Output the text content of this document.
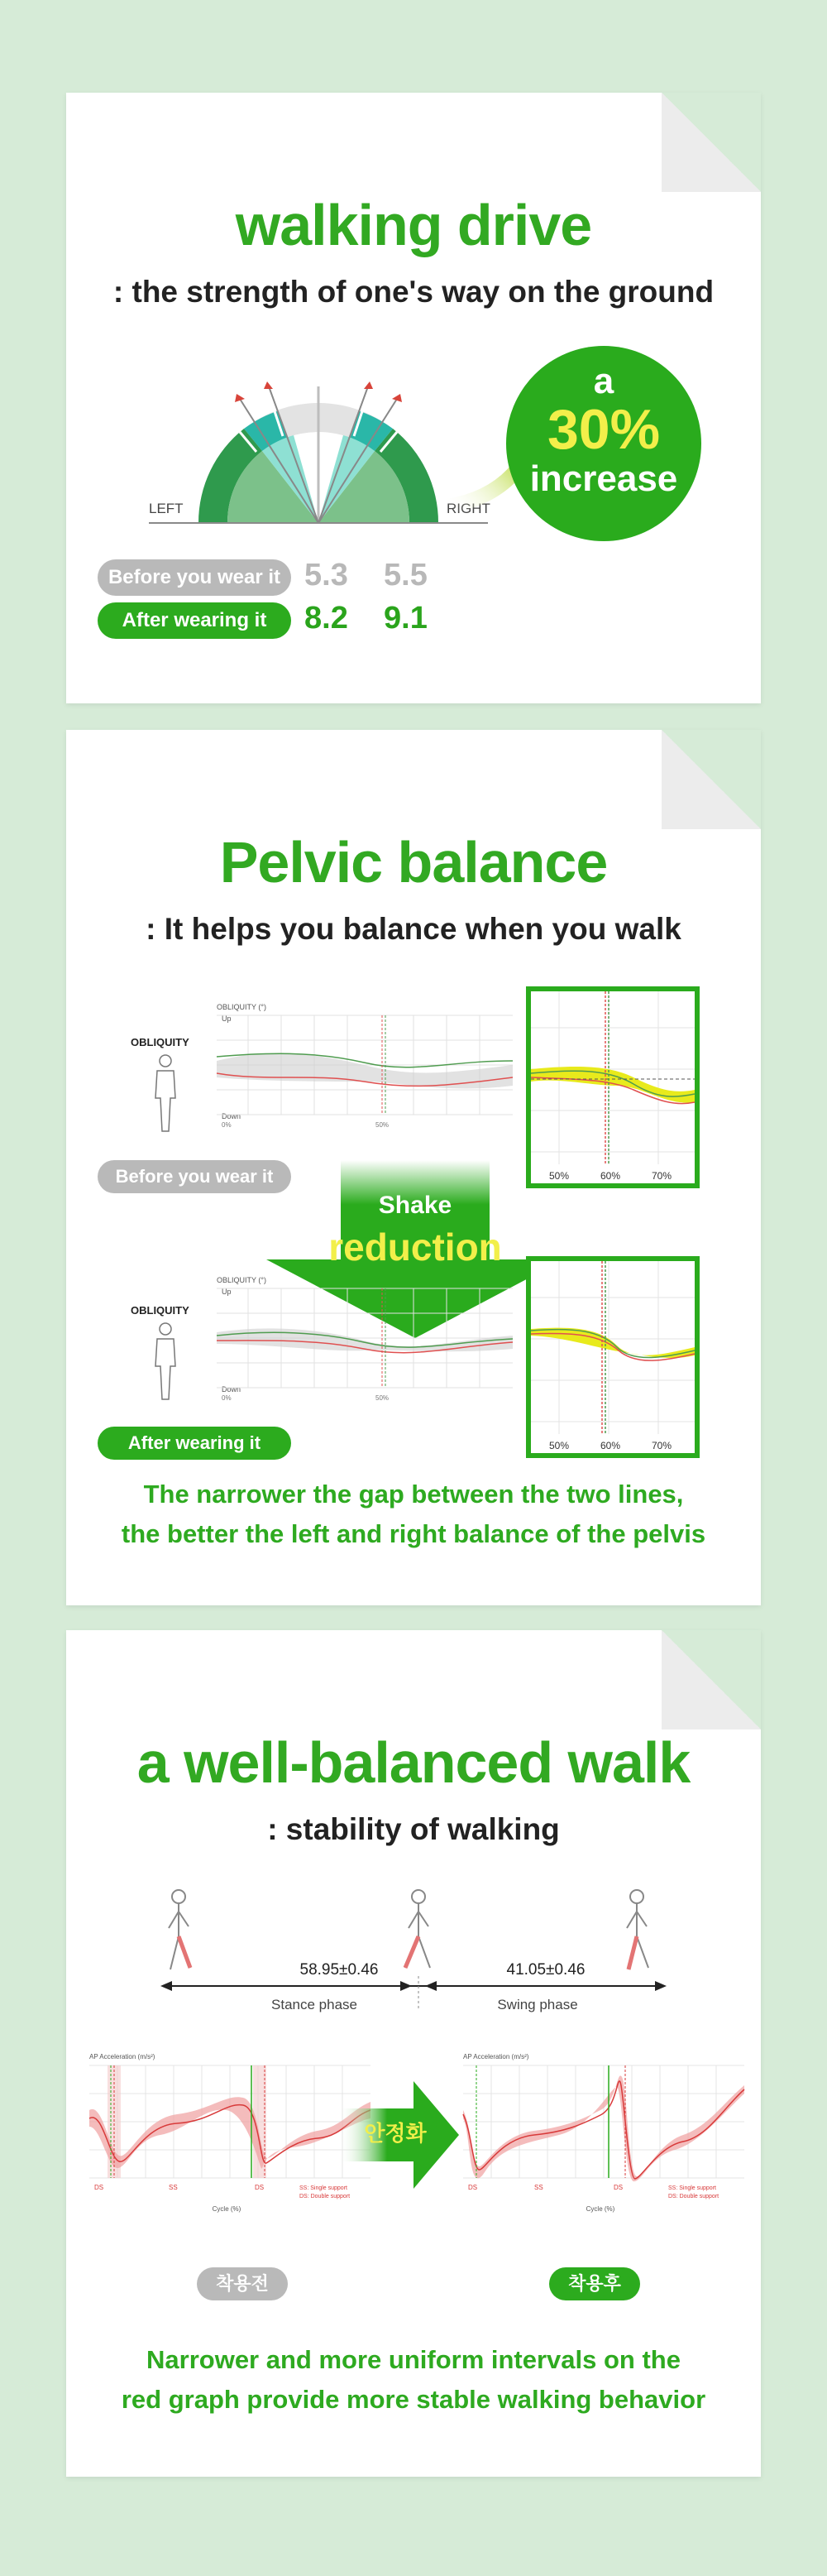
walking drive
: the strength of one's way on the ground
LEFT	RIGHT
a
30%
increase
Before you wear it 5.3 5.5
After wearing it	8.2 9.1
Pelvic balance
: It helps you balance when you walk
OBLIQUITY
OBLIQUITY (°)
Up
Down
0%	50%
50%	60%	70%
Before you wear it
Shake
reduction
OBLIQUITY
OBLIQUITY (°)
Up
Down
0%	50%
50%	60%	70%
After wearing it
The narrower the gap between the two lines,
the better the left and right balance of the pelvis
a well-balanced walk
: stability of walking
58.95±0.46	41.05±0.46
Stance phase	Swing phase
AP Acceleration (m/s²)
DS	SS	DS	SS: Single support
DS: Double support
Cycle (%)
안정화
AP Acceleration (m/s²)
DS	SS	DS	SS: Single support
DS: Double support
Cycle (%)
착용전	착용후
Narrower and more uniform intervals on the
red graph provide more stable walking behavior
